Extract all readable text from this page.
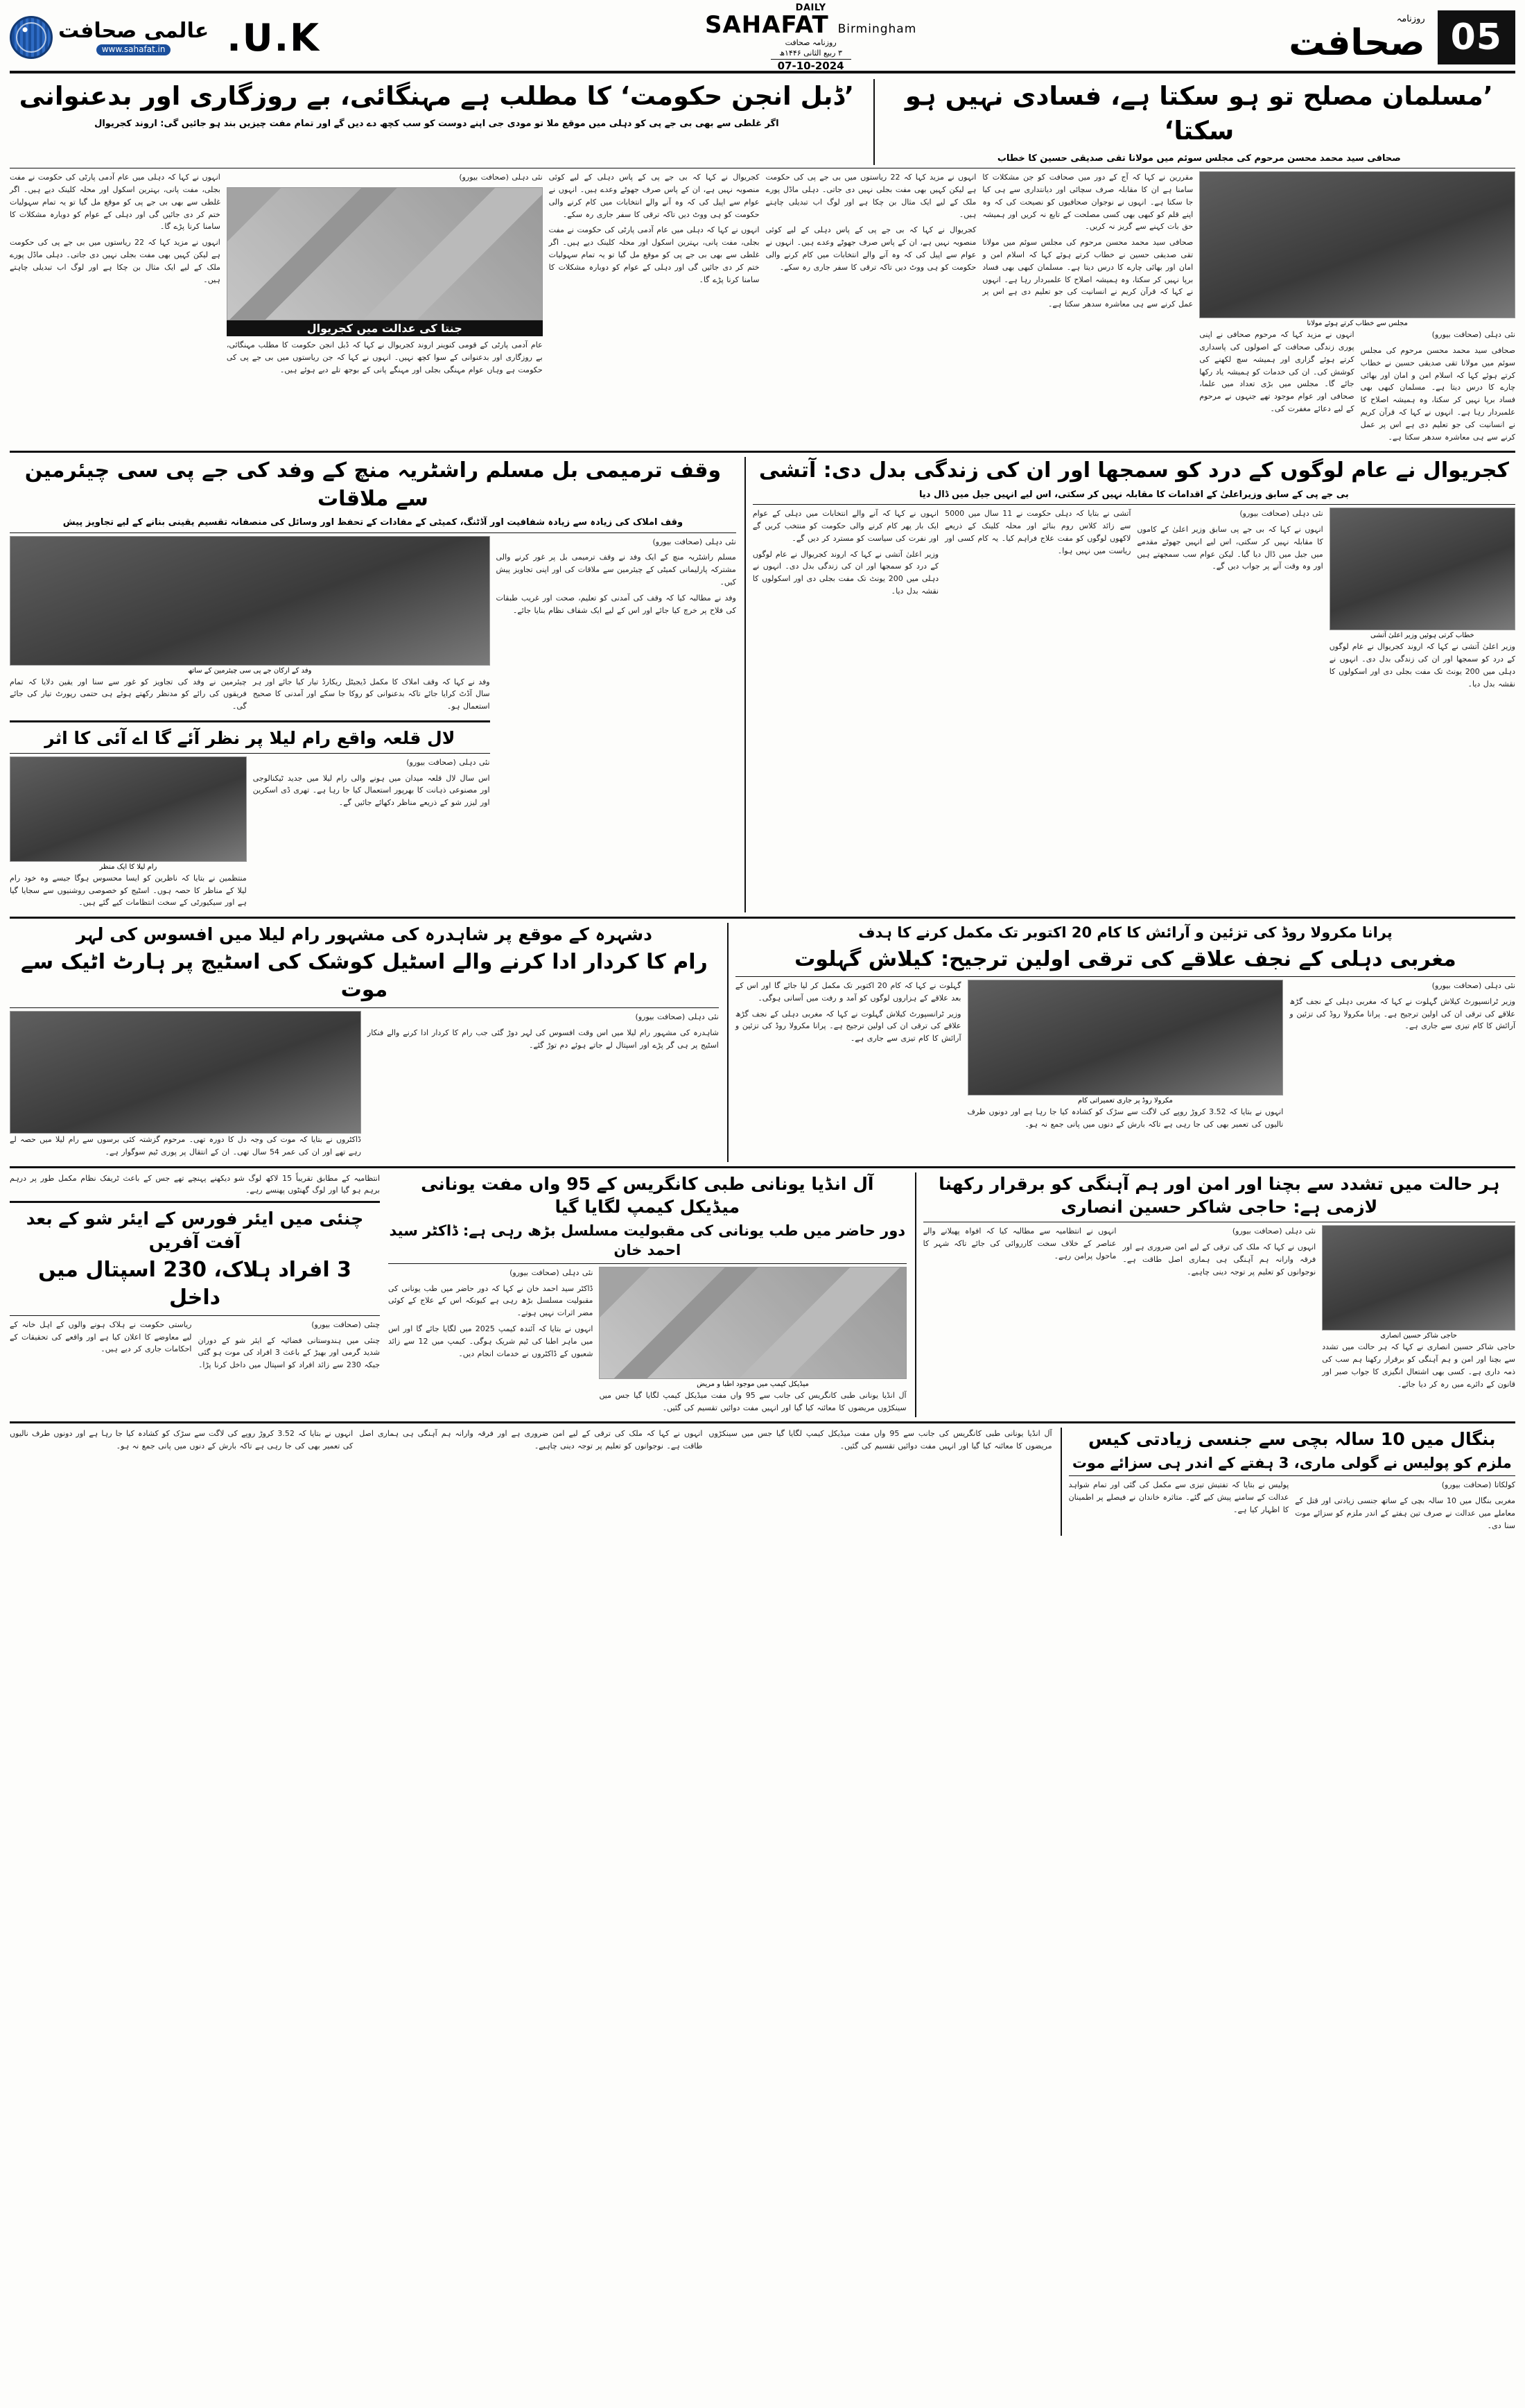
05
روزنامہ
صحافت
DAILY
SAHAFAT Birmingham
روزنامہ صحافت
۳ ربیع الثانی ۱۴۴۶ھ
07-10-2024
U.K.
عالمی صحافت
www.sahafat.in
’مسلمان مصلح تو ہو سکتا ہے، فسادی نہیں ہو سکتا‘
صحافی سید محمد محسن مرحوم کی مجلس سوئم میں مولانا تقی صدیقی حسین کا خطاب
’ڈبل انجن حکومت‘ کا مطلب ہے مہنگائی، بے روزگاری اور بدعنوانی
اگر غلطی سے بھی بی جے پی کو دہلی میں موقع ملا تو مودی جی اپنے دوست کو سب کچھ دے دیں گے اور تمام مفت چیزیں بند ہو جائیں گی: اروند کجریوال
مجلس سے خطاب کرتے ہوئے مولانا

نئی دہلی (صحافت بیورو)

صحافی سید محمد محسن مرحوم کی مجلس سوئم میں مولانا تقی صدیقی حسین نے خطاب کرتے ہوئے کہا کہ اسلام امن و امان اور بھائی چارے کا درس دیتا ہے۔ مسلمان کبھی بھی فساد برپا نہیں کر سکتا، وہ ہمیشہ اصلاح کا علمبردار رہا ہے۔ انہوں نے کہا کہ قرآن کریم نے انسانیت کی جو تعلیم دی ہے اس پر عمل کرنے سے ہی معاشرہ سدھر سکتا ہے۔

انہوں نے مزید کہا کہ مرحوم صحافی نے اپنی پوری زندگی صحافت کے اصولوں کی پاسداری کرتے ہوئے گزاری اور ہمیشہ سچ لکھنے کی کوشش کی۔ ان کی خدمات کو ہمیشہ یاد رکھا جائے گا۔ مجلس میں بڑی تعداد میں علما، صحافی اور عوام موجود تھے جنہوں نے مرحوم کے لیے دعائے مغفرت کی۔

مقررین نے کہا کہ آج کے دور میں صحافت کو جن مشکلات کا سامنا ہے ان کا مقابلہ صرف سچائی اور دیانتداری سے ہی کیا جا سکتا ہے۔ انہوں نے نوجوان صحافیوں کو نصیحت کی کہ وہ اپنے قلم کو کبھی بھی کسی مصلحت کے تابع نہ کریں اور ہمیشہ حق بات کہنے سے گریز نہ کریں۔

صحافی سید محمد محسن مرحوم کی مجلس سوئم میں مولانا تقی صدیقی حسین نے خطاب کرتے ہوئے کہا کہ اسلام امن و امان اور بھائی چارے کا درس دیتا ہے۔ مسلمان کبھی بھی فساد برپا نہیں کر سکتا، وہ ہمیشہ اصلاح کا علمبردار رہا ہے۔ انہوں نے کہا کہ قرآن کریم نے انسانیت کی جو تعلیم دی ہے اس پر عمل کرنے سے ہی معاشرہ سدھر سکتا ہے۔

انہوں نے مزید کہا کہ 22 ریاستوں میں بی جے پی کی حکومت ہے لیکن کہیں بھی مفت بجلی نہیں دی جاتی۔ دہلی ماڈل پورے ملک کے لیے ایک مثال بن چکا ہے اور لوگ اب تبدیلی چاہتے ہیں۔

کجریوال نے کہا کہ بی جے پی کے پاس دہلی کے لیے کوئی منصوبہ نہیں ہے، ان کے پاس صرف جھوٹے وعدے ہیں۔ انہوں نے عوام سے اپیل کی کہ وہ آنے والے انتخابات میں کام کرنے والی حکومت کو ہی ووٹ دیں تاکہ ترقی کا سفر جاری رہ سکے۔

کجریوال نے کہا کہ بی جے پی کے پاس دہلی کے لیے کوئی منصوبہ نہیں ہے، ان کے پاس صرف جھوٹے وعدے ہیں۔ انہوں نے عوام سے اپیل کی کہ وہ آنے والے انتخابات میں کام کرنے والی حکومت کو ہی ووٹ دیں تاکہ ترقی کا سفر جاری رہ سکے۔

انہوں نے کہا کہ دہلی میں عام آدمی پارٹی کی حکومت نے مفت بجلی، مفت پانی، بہترین اسکول اور محلہ کلینک دیے ہیں۔ اگر غلطی سے بھی بی جے پی کو موقع مل گیا تو یہ تمام سہولیات ختم کر دی جائیں گی اور دہلی کے عوام کو دوبارہ مشکلات کا سامنا کرنا پڑے گا۔

نئی دہلی (صحافت بیورو)

جنتا کی عدالت میں کجریوال

عام آدمی پارٹی کے قومی کنوینر اروند کجریوال نے کہا کہ ڈبل انجن حکومت کا مطلب مہنگائی، بے روزگاری اور بدعنوانی کے سوا کچھ نہیں۔ انہوں نے کہا کہ جن ریاستوں میں بی جے پی کی حکومت ہے وہاں عوام مہنگی بجلی اور مہنگے پانی کے بوجھ تلے دبے ہوئے ہیں۔

انہوں نے کہا کہ دہلی میں عام آدمی پارٹی کی حکومت نے مفت بجلی، مفت پانی، بہترین اسکول اور محلہ کلینک دیے ہیں۔ اگر غلطی سے بھی بی جے پی کو موقع مل گیا تو یہ تمام سہولیات ختم کر دی جائیں گی اور دہلی کے عوام کو دوبارہ مشکلات کا سامنا کرنا پڑے گا۔

انہوں نے مزید کہا کہ 22 ریاستوں میں بی جے پی کی حکومت ہے لیکن کہیں بھی مفت بجلی نہیں دی جاتی۔ دہلی ماڈل پورے ملک کے لیے ایک مثال بن چکا ہے اور لوگ اب تبدیلی چاہتے ہیں۔

کجریوال نے عام لوگوں کے درد کو سمجھا اور ان کی زندگی بدل دی: آتشی
بی جے پی کے سابق وزیراعلیٰ کے اقدامات کا مقابلہ نہیں کر سکتی، اس لیے انہیں جیل میں ڈال دیا
خطاب کرتی ہوئیں وزیر اعلیٰ آتشی

وزیر اعلیٰ آتشی نے کہا کہ اروند کجریوال نے عام لوگوں کے درد کو سمجھا اور ان کی زندگی بدل دی۔ انہوں نے دہلی میں 200 یونٹ تک مفت بجلی دی اور اسکولوں کا نقشہ بدل دیا۔

نئی دہلی (صحافت بیورو)

انہوں نے کہا کہ بی جے پی سابق وزیر اعلیٰ کے کاموں کا مقابلہ نہیں کر سکتی، اس لیے انہیں جھوٹے مقدمے میں جیل میں ڈال دیا گیا۔ لیکن عوام سب سمجھتے ہیں اور وہ وقت آنے پر جواب دیں گے۔

آتشی نے بتایا کہ دہلی حکومت نے 11 سال میں 5000 سے زائد کلاس روم بنائے اور محلہ کلینک کے ذریعے لاکھوں لوگوں کو مفت علاج فراہم کیا۔ یہ کام کسی اور ریاست میں نہیں ہوا۔

انہوں نے کہا کہ آنے والے انتخابات میں دہلی کے عوام ایک بار پھر کام کرنے والی حکومت کو منتخب کریں گے اور نفرت کی سیاست کو مسترد کر دیں گے۔

وزیر اعلیٰ آتشی نے کہا کہ اروند کجریوال نے عام لوگوں کے درد کو سمجھا اور ان کی زندگی بدل دی۔ انہوں نے دہلی میں 200 یونٹ تک مفت بجلی دی اور اسکولوں کا نقشہ بدل دیا۔

وقف ترمیمی بل مسلم راشٹریہ منچ کے وفد کی جے پی سی چیئرمین سے ملاقات
وقف املاک کی زیادہ سے زیادہ شفافیت اور آڈٹنگ، کمیٹی کے مفادات کے تحفظ اور وسائل کی منصفانہ تقسیم یقینی بنانے کے لیے تجاویز پیش

نئی دہلی (صحافت بیورو)

مسلم راشٹریہ منچ کے ایک وفد نے وقف ترمیمی بل پر غور کرنے والی مشترکہ پارلیمانی کمیٹی کے چیئرمین سے ملاقات کی اور اپنی تجاویز پیش کیں۔

وفد نے مطالبہ کیا کہ وقف کی آمدنی کو تعلیم، صحت اور غریب طبقات کی فلاح پر خرچ کیا جائے اور اس کے لیے ایک شفاف نظام بنایا جائے۔

وفد کے ارکان جے پی سی چیئرمین کے ساتھ

وفد نے کہا کہ وقف املاک کا مکمل ڈیجیٹل ریکارڈ تیار کیا جائے اور ہر سال آڈٹ کرایا جائے تاکہ بدعنوانی کو روکا جا سکے اور آمدنی کا صحیح استعمال ہو۔

چیئرمین نے وفد کی تجاویز کو غور سے سنا اور یقین دلایا کہ تمام فریقوں کی رائے کو مدنظر رکھتے ہوئے ہی حتمی رپورٹ تیار کی جائے گی۔

لال قلعہ واقع رام لیلا پر نظر آئے گا اے آئی کا اثر

نئی دہلی (صحافت بیورو)

اس سال لال قلعہ میدان میں ہونے والی رام لیلا میں جدید ٹیکنالوجی اور مصنوعی ذہانت کا بھرپور استعمال کیا جا رہا ہے۔ تھری ڈی اسکرین اور لیزر شو کے ذریعے مناظر دکھائے جائیں گے۔

رام لیلا کا ایک منظر

منتظمین نے بتایا کہ ناظرین کو ایسا محسوس ہوگا جیسے وہ خود رام لیلا کے مناظر کا حصہ ہوں۔ اسٹیج کو خصوصی روشنیوں سے سجایا گیا ہے اور سیکیورٹی کے سخت انتظامات کیے گئے ہیں۔

پرانا مکرولا روڈ کی تزئین و آرائش کا کام 20 اکتوبر تک مکمل کرنے کا ہدف
مغربی دہلی کے نجف علاقے کی ترقی اولین ترجیح: کیلاش گہلوت

نئی دہلی (صحافت بیورو)

وزیر ٹرانسپورٹ کیلاش گہلوت نے کہا کہ مغربی دہلی کے نجف گڑھ علاقے کی ترقی ان کی اولین ترجیح ہے۔ پرانا مکرولا روڈ کی تزئین و آرائش کا کام تیزی سے جاری ہے۔

مکرولا روڈ پر جاری تعمیراتی کام

انہوں نے بتایا کہ 3.52 کروڑ روپے کی لاگت سے سڑک کو کشادہ کیا جا رہا ہے اور دونوں طرف نالیوں کی تعمیر بھی کی جا رہی ہے تاکہ بارش کے دنوں میں پانی جمع نہ ہو۔

گہلوت نے کہا کہ کام 20 اکتوبر تک مکمل کر لیا جائے گا اور اس کے بعد علاقے کے ہزاروں لوگوں کو آمد و رفت میں آسانی ہوگی۔

وزیر ٹرانسپورٹ کیلاش گہلوت نے کہا کہ مغربی دہلی کے نجف گڑھ علاقے کی ترقی ان کی اولین ترجیح ہے۔ پرانا مکرولا روڈ کی تزئین و آرائش کا کام تیزی سے جاری ہے۔

دشہرہ کے موقع پر شاہدرہ کی مشہور رام لیلا میں افسوس کی لہر
رام کا کردار ادا کرنے والے اسٹیل کوشک کی اسٹیج پر ہارٹ اٹیک سے موت

نئی دہلی (صحافت بیورو)

شاہدرہ کی مشہور رام لیلا میں اس وقت افسوس کی لہر دوڑ گئی جب رام کا کردار ادا کرنے والے فنکار اسٹیج پر ہی گر پڑے اور اسپتال لے جاتے ہوئے دم توڑ گئے۔

ڈاکٹروں نے بتایا کہ موت کی وجہ دل کا دورہ تھی۔ مرحوم گزشتہ کئی برسوں سے رام لیلا میں حصہ لے رہے تھے اور ان کی عمر 54 سال تھی۔ ان کے انتقال پر پوری ٹیم سوگوار ہے۔

ہر حالت میں تشدد سے بچنا اور امن اور ہم آہنگی کو برقرار رکھنا لازمی ہے: حاجی شاکر حسین انصاری
حاجی شاکر حسین انصاری

حاجی شاکر حسین انصاری نے کہا کہ ہر حالت میں تشدد سے بچنا اور امن و ہم آہنگی کو برقرار رکھنا ہم سب کی ذمہ داری ہے۔ کسی بھی اشتعال انگیزی کا جواب صبر اور قانون کے دائرے میں رہ کر دیا جائے۔

نئی دہلی (صحافت بیورو)

انہوں نے کہا کہ ملک کی ترقی کے لیے امن ضروری ہے اور فرقہ وارانہ ہم آہنگی ہی ہماری اصل طاقت ہے۔ نوجوانوں کو تعلیم پر توجہ دینی چاہیے۔

انہوں نے انتظامیہ سے مطالبہ کیا کہ افواہ پھیلانے والے عناصر کے خلاف سخت کارروائی کی جائے تاکہ شہر کا ماحول پرامن رہے۔

آل انڈیا یونانی طبی کانگریس کے 95 واں مفت یونانی میڈیکل کیمپ لگایا گیا
دور حاضر میں طب یونانی کی مقبولیت مسلسل بڑھ رہی ہے: ڈاکٹر سید احمد خان
میڈیکل کیمپ میں موجود اطبا و مریض

آل انڈیا یونانی طبی کانگریس کی جانب سے 95 واں مفت میڈیکل کیمپ لگایا گیا جس میں سینکڑوں مریضوں کا معائنہ کیا گیا اور انہیں مفت دوائیں تقسیم کی گئیں۔

نئی دہلی (صحافت بیورو)

ڈاکٹر سید احمد خان نے کہا کہ دور حاضر میں طب یونانی کی مقبولیت مسلسل بڑھ رہی ہے کیونکہ اس کے علاج کے کوئی مضر اثرات نہیں ہوتے۔

انہوں نے بتایا کہ آئندہ کیمپ 2025 میں لگایا جائے گا اور اس میں ماہر اطبا کی ٹیم شریک ہوگی۔ کیمپ میں 12 سے زائد شعبوں کے ڈاکٹروں نے خدمات انجام دیں۔

انتظامیہ کے مطابق تقریباً 15 لاکھ لوگ شو دیکھنے پہنچے تھے جس کے باعث ٹریفک نظام مکمل طور پر درہم برہم ہو گیا اور لوگ گھنٹوں پھنسے رہے۔

چنئی میں ایئر فورس کے ایئر شو کے بعد آفت آفریں
3 افراد ہلاک، 230 اسپتال میں داخل

چنئی (صحافت بیورو)

چنئی میں ہندوستانی فضائیہ کے ایئر شو کے دوران شدید گرمی اور بھیڑ کے باعث 3 افراد کی موت ہو گئی جبکہ 230 سے زائد افراد کو اسپتال میں داخل کرنا پڑا۔

ریاستی حکومت نے ہلاک ہونے والوں کے اہل خانہ کے لیے معاوضے کا اعلان کیا ہے اور واقعے کی تحقیقات کے احکامات جاری کر دیے ہیں۔

بنگال میں 10 سالہ بچی سے جنسی زیادتی کیس
ملزم کو پولیس نے گولی ماری، 3 ہفتے کے اندر ہی سزائے موت

کولکاتا (صحافت بیورو)

مغربی بنگال میں 10 سالہ بچی کے ساتھ جنسی زیادتی اور قتل کے معاملے میں عدالت نے صرف تین ہفتے کے اندر ملزم کو سزائے موت سنا دی۔

پولیس نے بتایا کہ تفتیش تیزی سے مکمل کی گئی اور تمام شواہد عدالت کے سامنے پیش کیے گئے۔ متاثرہ خاندان نے فیصلے پر اطمینان کا اظہار کیا ہے۔

آل انڈیا یونانی طبی کانگریس کی جانب سے 95 واں مفت میڈیکل کیمپ لگایا گیا جس میں سینکڑوں مریضوں کا معائنہ کیا گیا اور انہیں مفت دوائیں تقسیم کی گئیں۔

انہوں نے کہا کہ ملک کی ترقی کے لیے امن ضروری ہے اور فرقہ وارانہ ہم آہنگی ہی ہماری اصل طاقت ہے۔ نوجوانوں کو تعلیم پر توجہ دینی چاہیے۔

انہوں نے بتایا کہ 3.52 کروڑ روپے کی لاگت سے سڑک کو کشادہ کیا جا رہا ہے اور دونوں طرف نالیوں کی تعمیر بھی کی جا رہی ہے تاکہ بارش کے دنوں میں پانی جمع نہ ہو۔
